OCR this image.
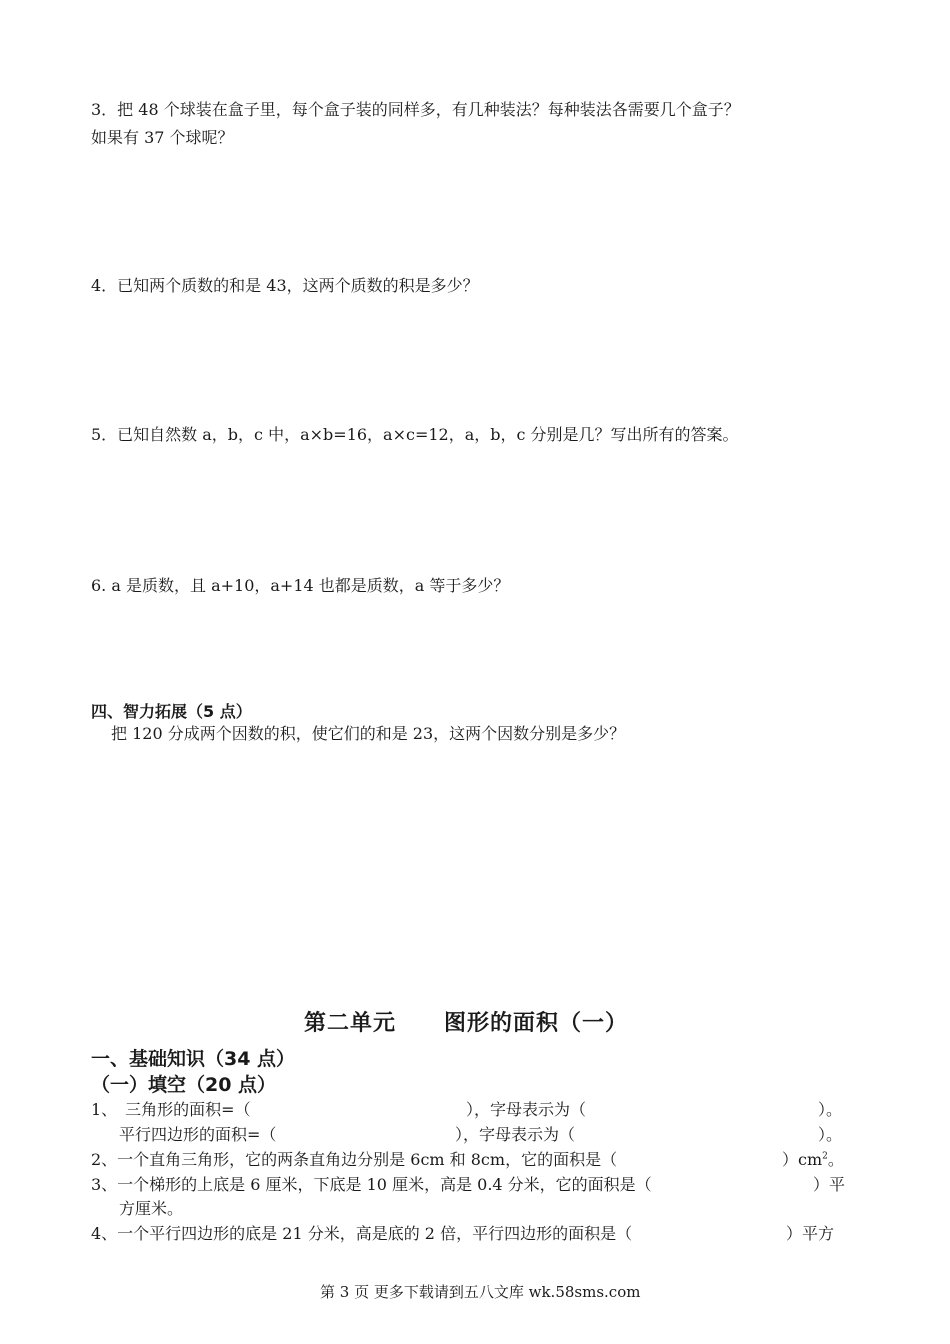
3．把 48 个球装在盒子里，每个盒子装的同样多，有几种装法？每种装法各需要几个盒子？
如果有 37 个球呢？
4．已知两个质数的和是 43，这两个质数的积是多少？
5．已知自然数 a，b，c 中，a×b=16，a×c=12，a，b，c 分别是几？写出所有的答案。
6. a 是质数，且 a+10，a+14 也都是质数，a 等于多少？
四、智力拓展（5 点）
把 120 分成两个因数的积，使它们的和是 23，这两个因数分别是多少？
第二单元 图形的面积（一）
一、基础知识（34 点）
（一）填空（20 点）
1、　三角形的面积=（	），字母表示为（	）。
平行四边形的面积=（	），字母表示为（	）。
2、一个直角三角形，它的两条直角边分别是 6cm 和 8cm，它的面积是（	）$cm^2$。
3、一个梯形的上底是 6 厘米，下底是 10 厘米，高是 0.4 分米，它的面积是（	）平
方厘米。
4、一个平行四边形的底是 21 分米，高是底的 2 倍，平行四边形的面积是（	）平方
第 3 页 更多下载请到五八文库 wk.58sms.com
